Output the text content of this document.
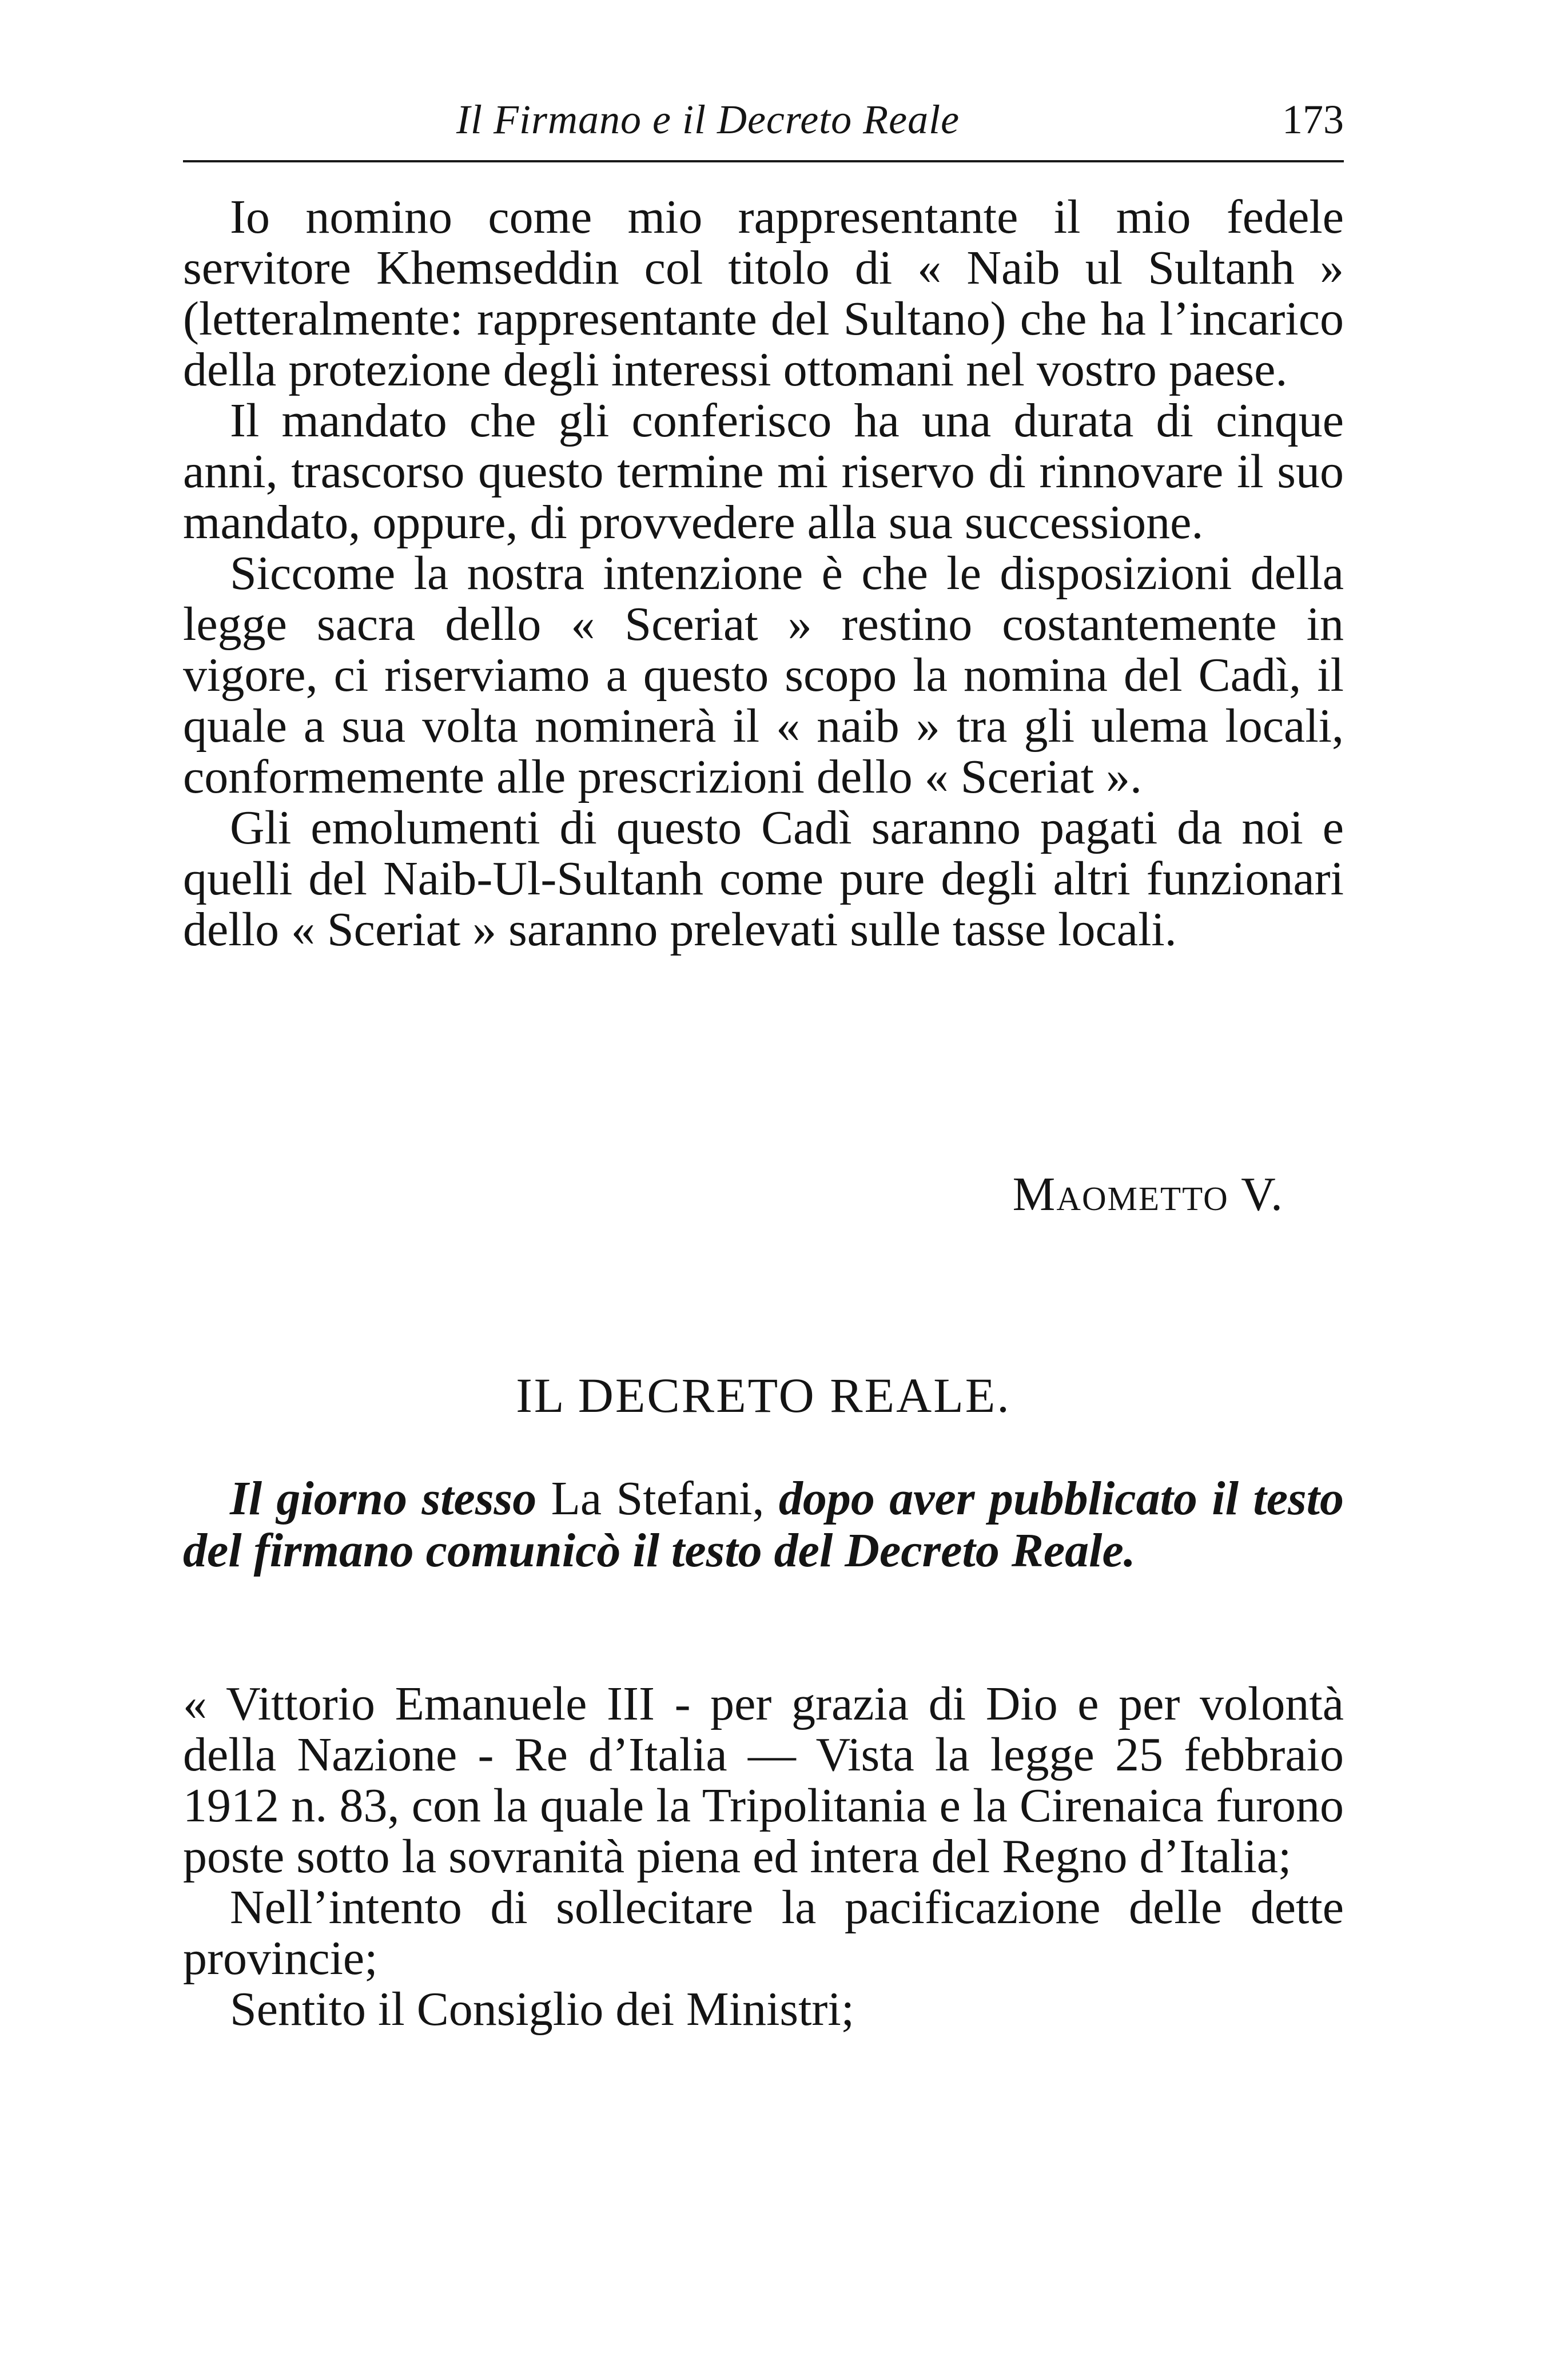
Il Firmano e il Decreto Reale	173

Io nomino come mio rappresentante il mio fedele servitore Khemseddin col titolo di « Naib ul Sultanh » (letteralmente: rappresentante del Sultano) che ha l’incarico della protezione degli interessi ottomani nel vostro paese.

Il mandato che gli conferisco ha una durata di cinque anni, trascorso questo termine mi riservo di rinnovare il suo mandato, oppure, di provvedere alla sua successione.

Siccome la nostra intenzione è che le disposizioni della legge sacra dello « Sceriat » restino costantemente in vigore, ci riserviamo a questo scopo la nomina del Cadì, il quale a sua volta nominerà il « naib » tra gli ulema locali, conformemente alle prescrizioni dello « Sceriat ».

Gli emolumenti di questo Cadì saranno pagati da noi e quelli del Naib-Ul-Sultanh come pure degli altri funzionari dello « Sceriat » saranno prelevati sulle tasse locali.

Maometto V.
IL DECRETO REALE.
Il giorno stesso La Stefani, dopo aver pubblicato il testo del firmano comunicò il testo del Decreto Reale.

« Vittorio Emanuele III - per grazia di Dio e per volontà della Nazione - Re d’Italia — Vista la legge 25 febbraio 1912 n. 83, con la quale la Tripolitania e la Cirenaica furono poste sotto la sovranità piena ed intera del Regno d’Italia;

Nell’intento di sollecitare la pacificazione delle dette provincie;

Sentito il Consiglio dei Ministri;
